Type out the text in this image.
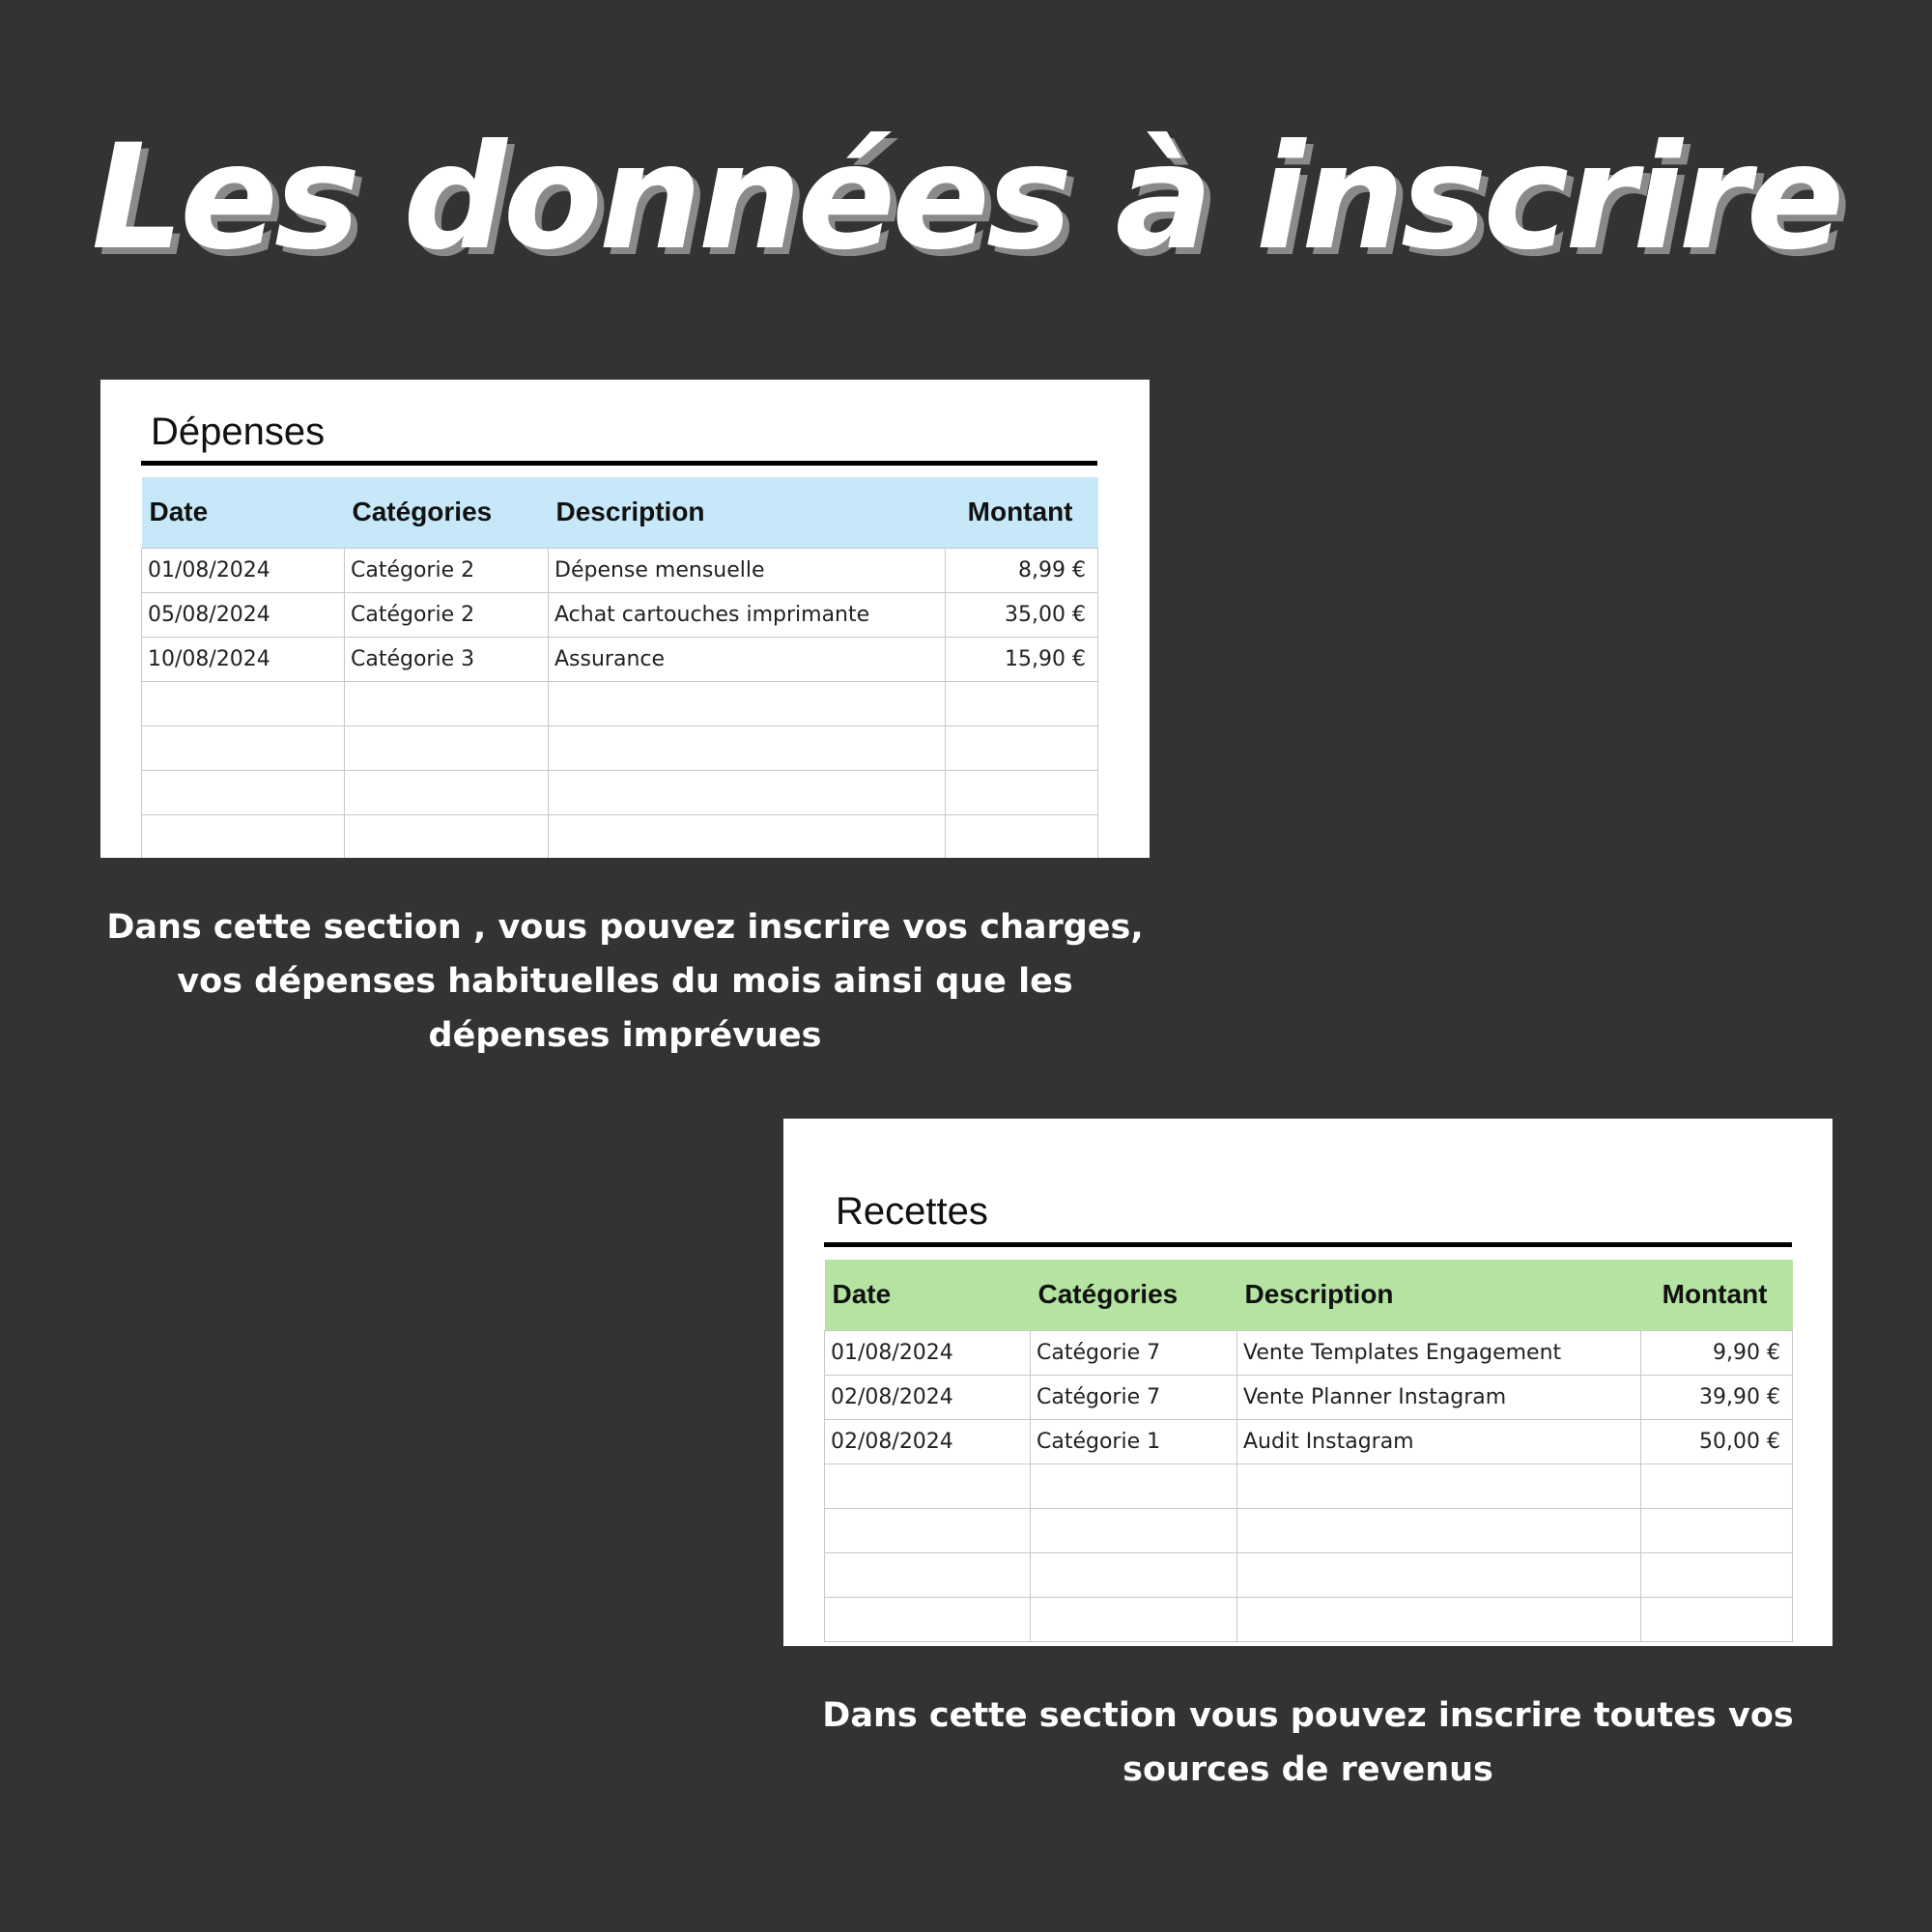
Les données à inscrire
Dépenses
Date	Catégories	Description	Montant
01/08/2024	Catégorie 2	Dépense mensuelle	8,99 €
05/08/2024	Catégorie 2	Achat cartouches imprimante	35,00 €
10/08/2024	Catégorie 3	Assurance	15,90 €

Dans cette section , vous pouvez inscrire vos charges, vos dépenses habituelles du mois ainsi que les dépenses imprévues

Recettes
Date	Catégories	Description	Montant
01/08/2024	Catégorie 7	Vente Templates Engagement	9,90 €
02/08/2024	Catégorie 7	Vente Planner Instagram	39,90 €
02/08/2024	Catégorie 1	Audit Instagram	50,00 €

Dans cette section vous pouvez inscrire toutes vos sources de revenus
